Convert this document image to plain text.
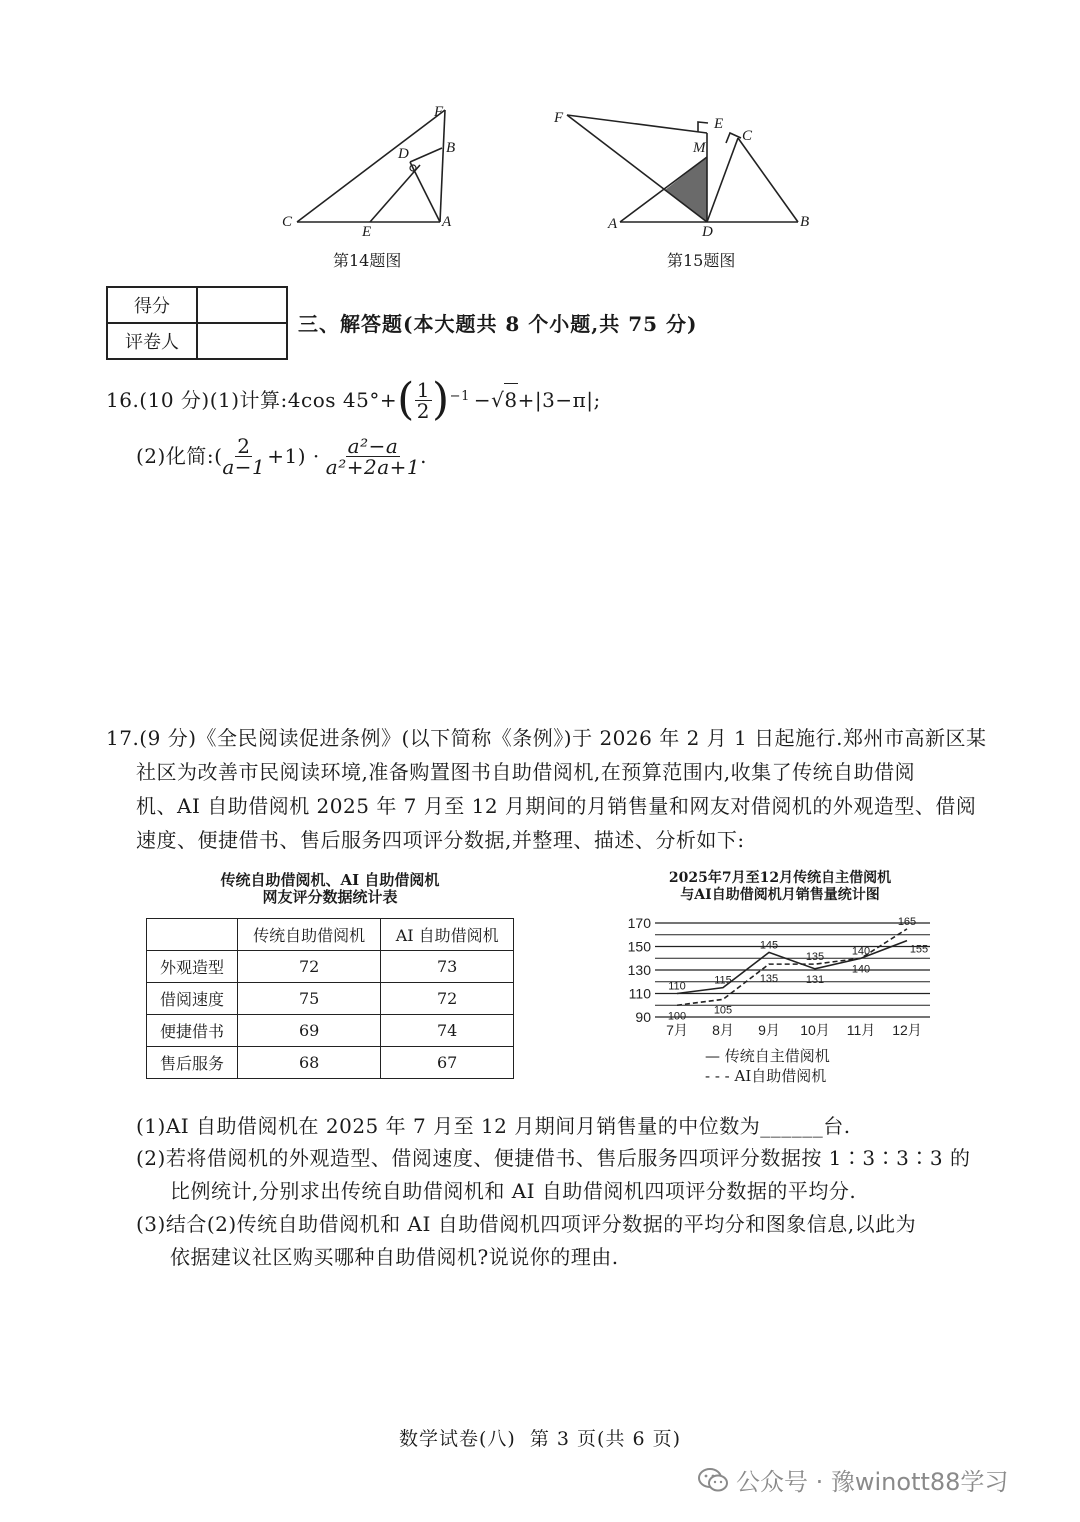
F
B
D
C
E
A
第14题图
F	E
C
M
A	D
B
第15题图
得分	
评卷人	
三、解答题(本大题共 8 个小题,共 75 分)
16.(10 分)(1)计算:4cos 45°+ ( $\frac{1}{2}$ ) −1 − √ 8 +|3−π|;
(2)化简:( $\frac{2}{a-1} +1) \cdot \frac{\text{a²−a}}{\text{a²+2a+1}}$ .
17.(9 分)《全民阅读促进条例》(以下简称《条例》)于 2026 年 2 月 1 日起施行.郑州市高新区某
社区为改善市民阅读环境,准备购置图书自助借阅机,在预算范围内,收集了传统自助借阅
机、AI 自助借阅机 2025 年 7 月至 12 月期间的月销售量和网友对借阅机的外观造型、借阅
速度、便捷借书、售后服务四项评分数据,并整理、描述、分析如下:
传统自助借阅机、AI 自助借阅机
网友评分数据统计表
	传统自助借阅机	AI 自助借阅机
外观造型	72	73
借阅速度	75	72
便捷借书	69	74
售后服务	68	67
2025年7月至12月传统自主借阅机
与AI自助借阅机月销售量统计图
90
110
130
150
170
7月 8月 9月 10月 11月 12月
110	115
145
131
140	155
100	105
135
135
140
165
— 传统自主借阅机
- - - AI自助借阅机
(1)AI 自助借阅机在 2025 年 7 月至 12 月期间月销售量的中位数为______台.
(2)若将借阅机的外观造型、借阅速度、便捷借书、售后服务四项评分数据按 1∶3∶3∶3 的
比例统计,分别求出传统自助借阅机和 AI 自助借阅机四项评分数据的平均分.
(3)结合(2)传统自助借阅机和 AI 自助借阅机四项评分数据的平均分和图象信息,以此为
依据建议社区购买哪种自助借阅机?说说你的理由.
数学试卷(八)  第 3 页(共 6 页)
公众号 · 豫winott88学习
